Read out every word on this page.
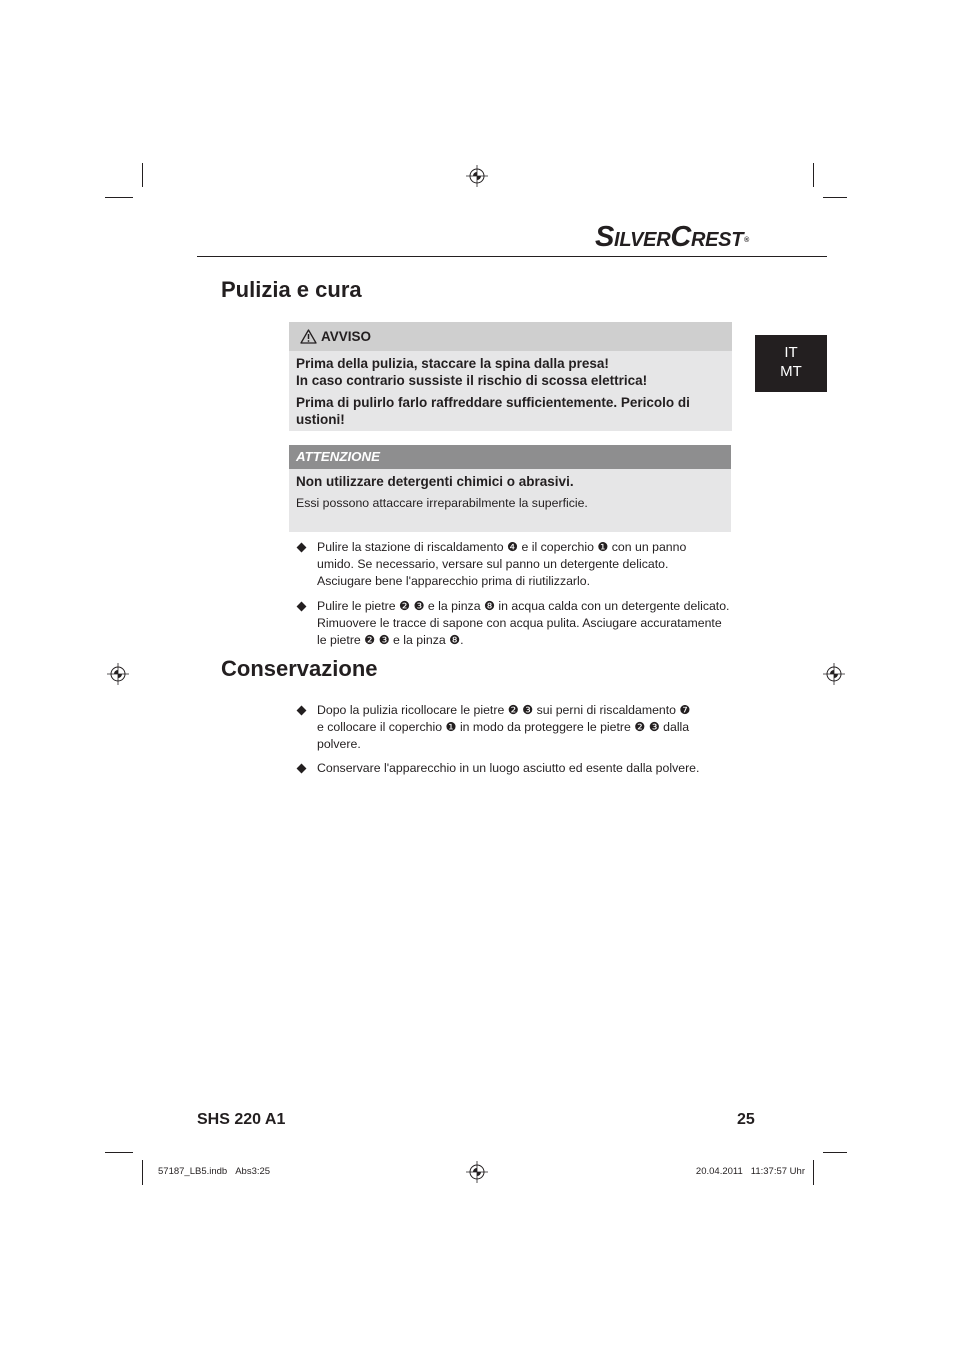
SilverCrest®
IT
MT
Pulizia e cura
AVVISO
Prima della pulizia, staccare la spina dalla presa!
In caso contrario sussiste il rischio di scossa elettrica!
Prima di pulirlo farlo raffreddare sufficientemente. Pericolo di
ustioni!
ATTENZIONE
Non utilizzare detergenti chimici o abrasivi.
Essi possono attaccare irreparabilmente la superficie.
Pulire la stazione di riscaldamento ❹ e il coperchio ❶ con un panno
umido. Se necessario, versare sul panno un detergente delicato.
Asciugare bene l'apparecchio prima di riutilizzarlo.
Pulire le pietre ❷ ❸ e la pinza ❽ in acqua calda con un detergente delicato.
Rimuovere le tracce di sapone con acqua pulita. Asciugare accuratamente
le pietre ❷ ❸ e la pinza ❽.
Conservazione
Dopo la pulizia ricollocare le pietre ❷ ❸ sui perni di riscaldamento ❼
e collocare il coperchio ❶ in modo da proteggere le pietre ❷ ❸ dalla
polvere.
Conservare l'apparecchio in un luogo asciutto ed esente dalla polvere.
SHS 220 A1	25
57187_LB5.indb Abs3:25	20.04.2011 11:37:57 Uhr
